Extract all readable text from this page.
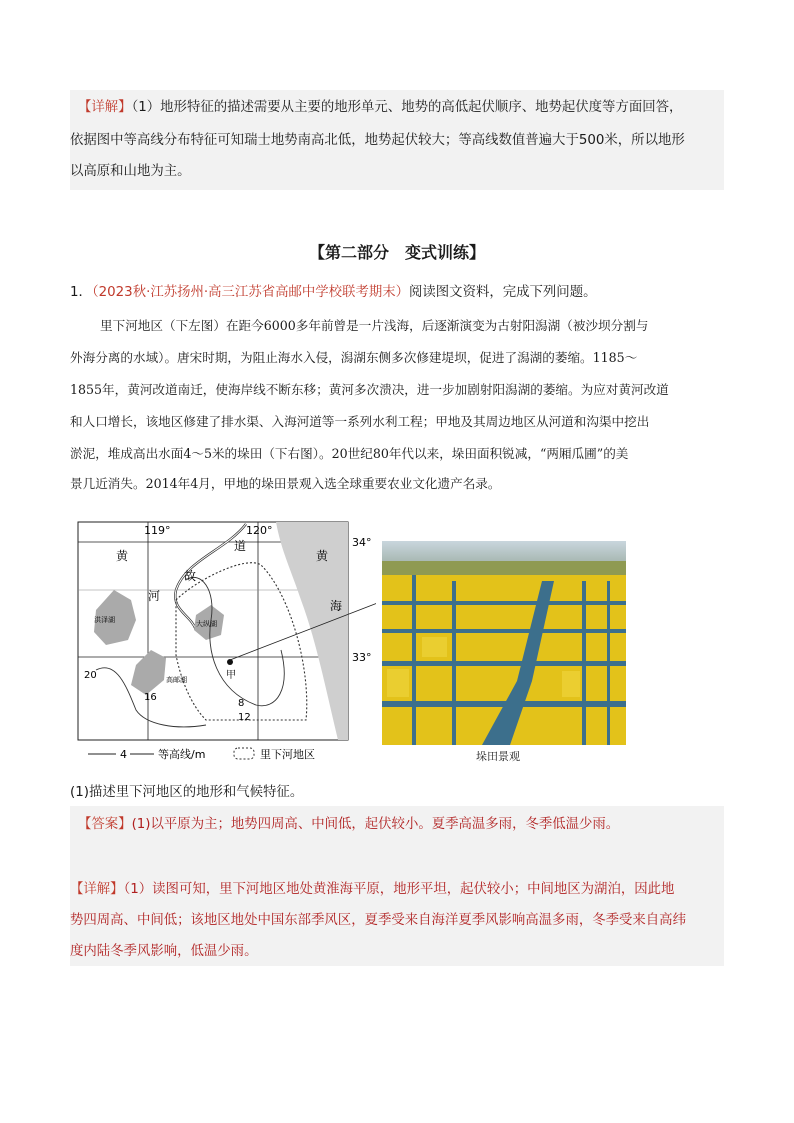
【详解】（1）地形特征的描述需要从主要的地形单元、地势的高低起伏顺序、地势起伏度等方面回答，
依据图中等高线分布特征可知瑞士地势南高北低，地势起伏较大；等高线数值普遍大于500米，所以地形
以高原和山地为主。
【第二部分　变式训练】
1．（2023秋·江苏扬州·高三江苏省高邮中学校联考期末）阅读图文资料，完成下列问题。
里下河地区（下左图）在距今6000多年前曾是一片浅海，后逐渐演变为古射阳潟湖（被沙坝分割与
外海分离的水域）。唐宋时期，为阻止海水入侵，潟湖东侧多次修建堤坝，促进了潟湖的萎缩。1185～
1855年，黄河改道南迁，使海岸线不断东移；黄河多次溃决，进一步加剧射阳潟湖的萎缩。为应对黄河改道
和人口增长，该地区修建了排水渠、入海河道等一系列水利工程；甲地及其周边地区从河道和沟渠中挖出
淤泥，堆成高出水面4～5米的垛田（下右图）。20世纪80年代以来，垛田面积锐减，“两厢瓜圃”的美
景几近消失。2014年4月，甲地的垛田景观入选全球重要农业文化遗产名录。
119°	120°
34°
33°
黄
河
故
道
黄
海
洪泽湖
高邮湖
大纵湖
甲
20
16
8
12
4	等高线/m	里下河地区	垛田景观
(1)描述里下河地区的地形和气候特征。
【答案】(1)以平原为主；地势四周高、中间低，起伏较小。夏季高温多雨，冬季低温少雨。
【详解】（1）读图可知，里下河地区地处黄淮海平原，地形平坦，起伏较小；中间地区为湖泊，因此地
势四周高、中间低；该地区地处中国东部季风区，夏季受来自海洋夏季风影响高温多雨，冬季受来自高纬
度内陆冬季风影响，低温少雨。
